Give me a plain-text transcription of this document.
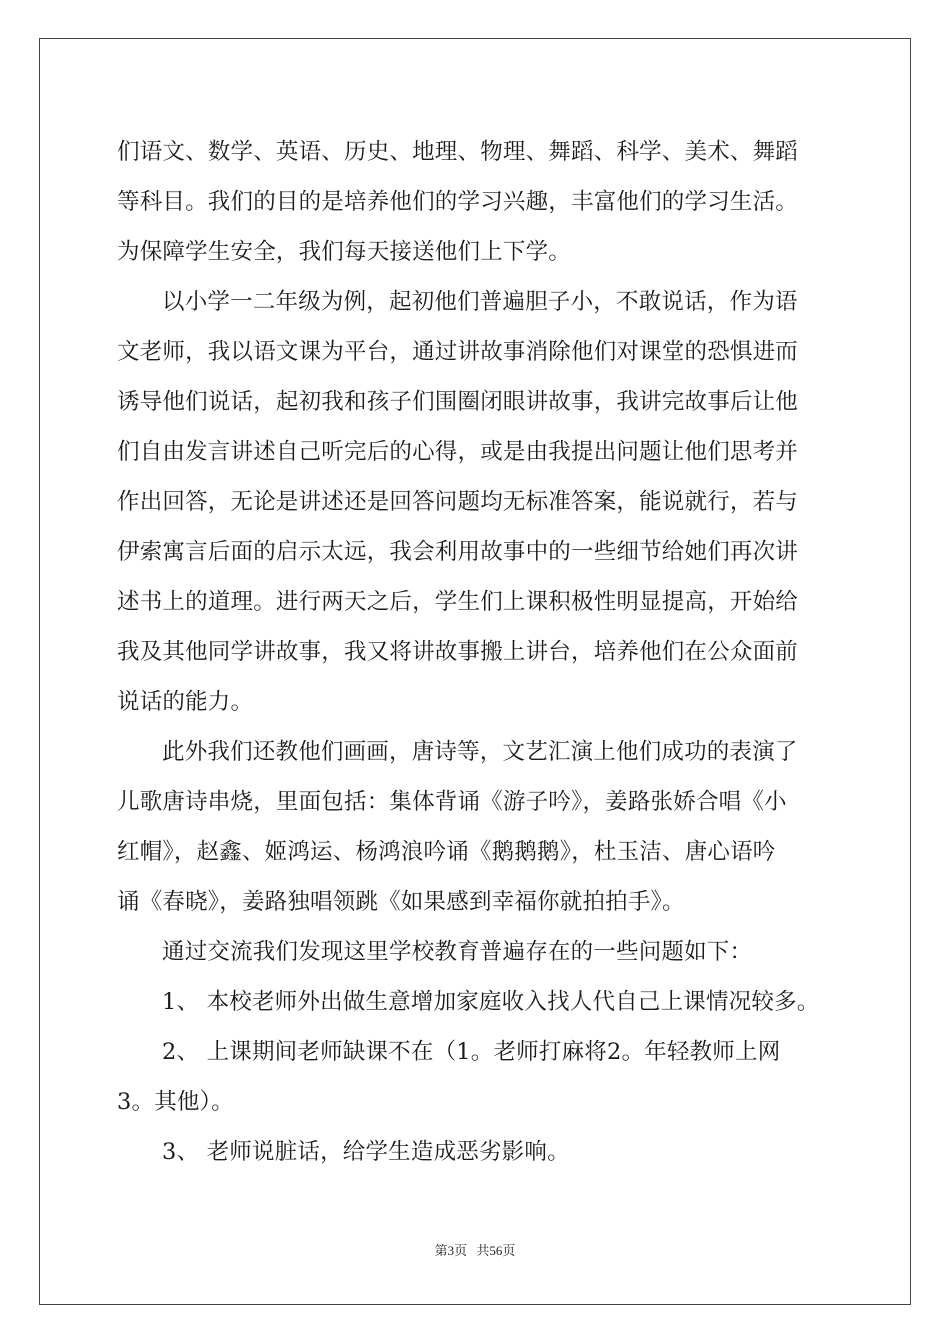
们语文、数学、英语、历史、地理、物理、舞蹈、科学、美术、舞蹈
等科目。我们的目的是培养他们的学习兴趣，丰富他们的学习生活。
为保障学生安全，我们每天接送他们上下学。
以小学一二年级为例，起初他们普遍胆子小，不敢说话，作为语
文老师，我以语文课为平台，通过讲故事消除他们对课堂的恐惧进而
诱导他们说话，起初我和孩子们围圈闭眼讲故事，我讲完故事后让他
们自由发言讲述自己听完后的心得，或是由我提出问题让他们思考并
作出回答，无论是讲述还是回答问题均无标准答案，能说就行，若与
伊索寓言后面的启示太远，我会利用故事中的一些细节给她们再次讲
述书上的道理。进行两天之后，学生们上课积极性明显提高，开始给
我及其他同学讲故事，我又将讲故事搬上讲台，培养他们在公众面前
说话的能力。
此外我们还教他们画画，唐诗等，文艺汇演上他们成功的表演了
儿歌唐诗串烧，里面包括：集体背诵《游子吟》，姜路张娇合唱《小
红帽》，赵鑫、姬鸿运、杨鸿浪吟诵《鹅鹅鹅》，杜玉洁、唐心语吟
诵《春晓》，姜路独唱领跳《如果感到幸福你就拍拍手》。
通过交流我们发现这里学校教育普遍存在的一些问题如下：
1、 本校老师外出做生意增加家庭收入找人代自己上课情况较多。
2、 上课期间老师缺课不在（1。老师打麻将2。年轻教师上网
3。其他）。
3、 老师说脏话，给学生造成恶劣影响。
第3页 共56页
